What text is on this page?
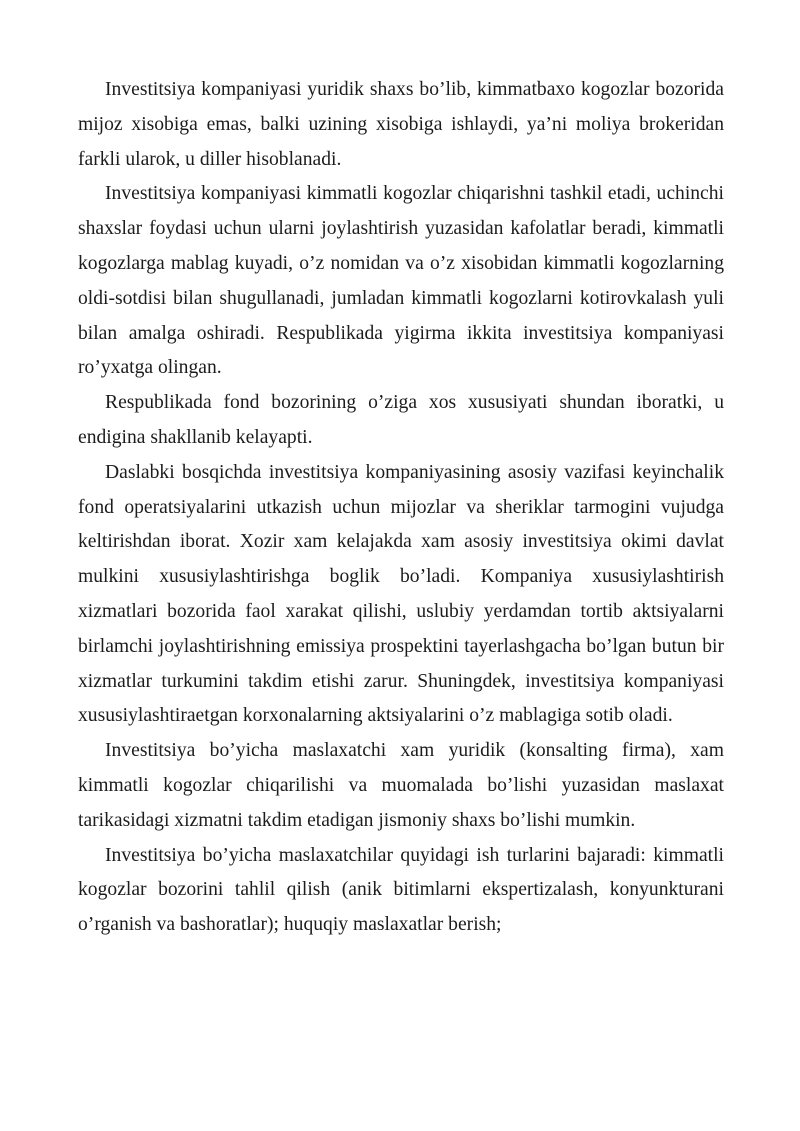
Investitsiya kompaniyasi yuridik shaxs bo’lib, kimmatbaxo kogozlar bozorida mijoz xisobiga emas, balki uzining xisobiga ishlaydi, ya’ni moliya brokeridan farkli ularok, u diller hisoblanadi.

Investitsiya kompaniyasi kimmatli kogozlar chiqarishni tashkil etadi, uchinchi shaxslar foydasi uchun ularni joylashtirish yuzasidan kafolatlar beradi, kimmatli kogozlarga mablag kuyadi, o’z nomidan va o’z xisobidan kimmatli kogozlarning oldi-sotdisi bilan shugullanadi, jumladan kimmatli kogozlarni kotirovkalash yuli bilan amalga oshiradi. Respublikada yigirma ikkita investitsiya kompaniyasi ro’yxatga olingan.

Respublikada fond bozorining o’ziga xos xususiyati shundan iboratki, u endigina shakllanib kelayapti.

Daslabki bosqichda investitsiya kompaniyasining asosiy vazifasi keyinchalik fond operatsiyalarini utkazish uchun mijozlar va sheriklar tarmogini vujudga keltirishdan iborat. Xozir xam kelajakda xam asosiy investitsiya okimi davlat mulkini xususiylashtirishga boglik bo’ladi. Kompaniya xususiylashtirish xizmatlari bozorida faol xarakat qilishi, uslubiy yerdamdan tortib aktsiyalarni birlamchi joylashtirishning emissiya prospektini tayerlashgacha bo’lgan butun bir xizmatlar turkumini takdim etishi zarur. Shuningdek, investitsiya kompaniyasi xususiylashtiraetgan korxonalarning aktsiyalarini o’z mablagiga sotib oladi.

Investitsiya bo’yicha maslaxatchi xam yuridik (konsalting firma), xam kimmatli kogozlar chiqarilishi va muomalada bo’lishi yuzasidan maslaxat tarikasidagi xizmatni takdim etadigan jismoniy shaxs bo’lishi mumkin.

Investitsiya bo’yicha maslaxatchilar quyidagi ish turlarini bajaradi: kimmatli kogozlar bozorini tahlil qilish (anik bitimlarni ekspertizalash, konyunkturani o’rganish va bashoratlar); huquqiy maslaxatlar berish;
